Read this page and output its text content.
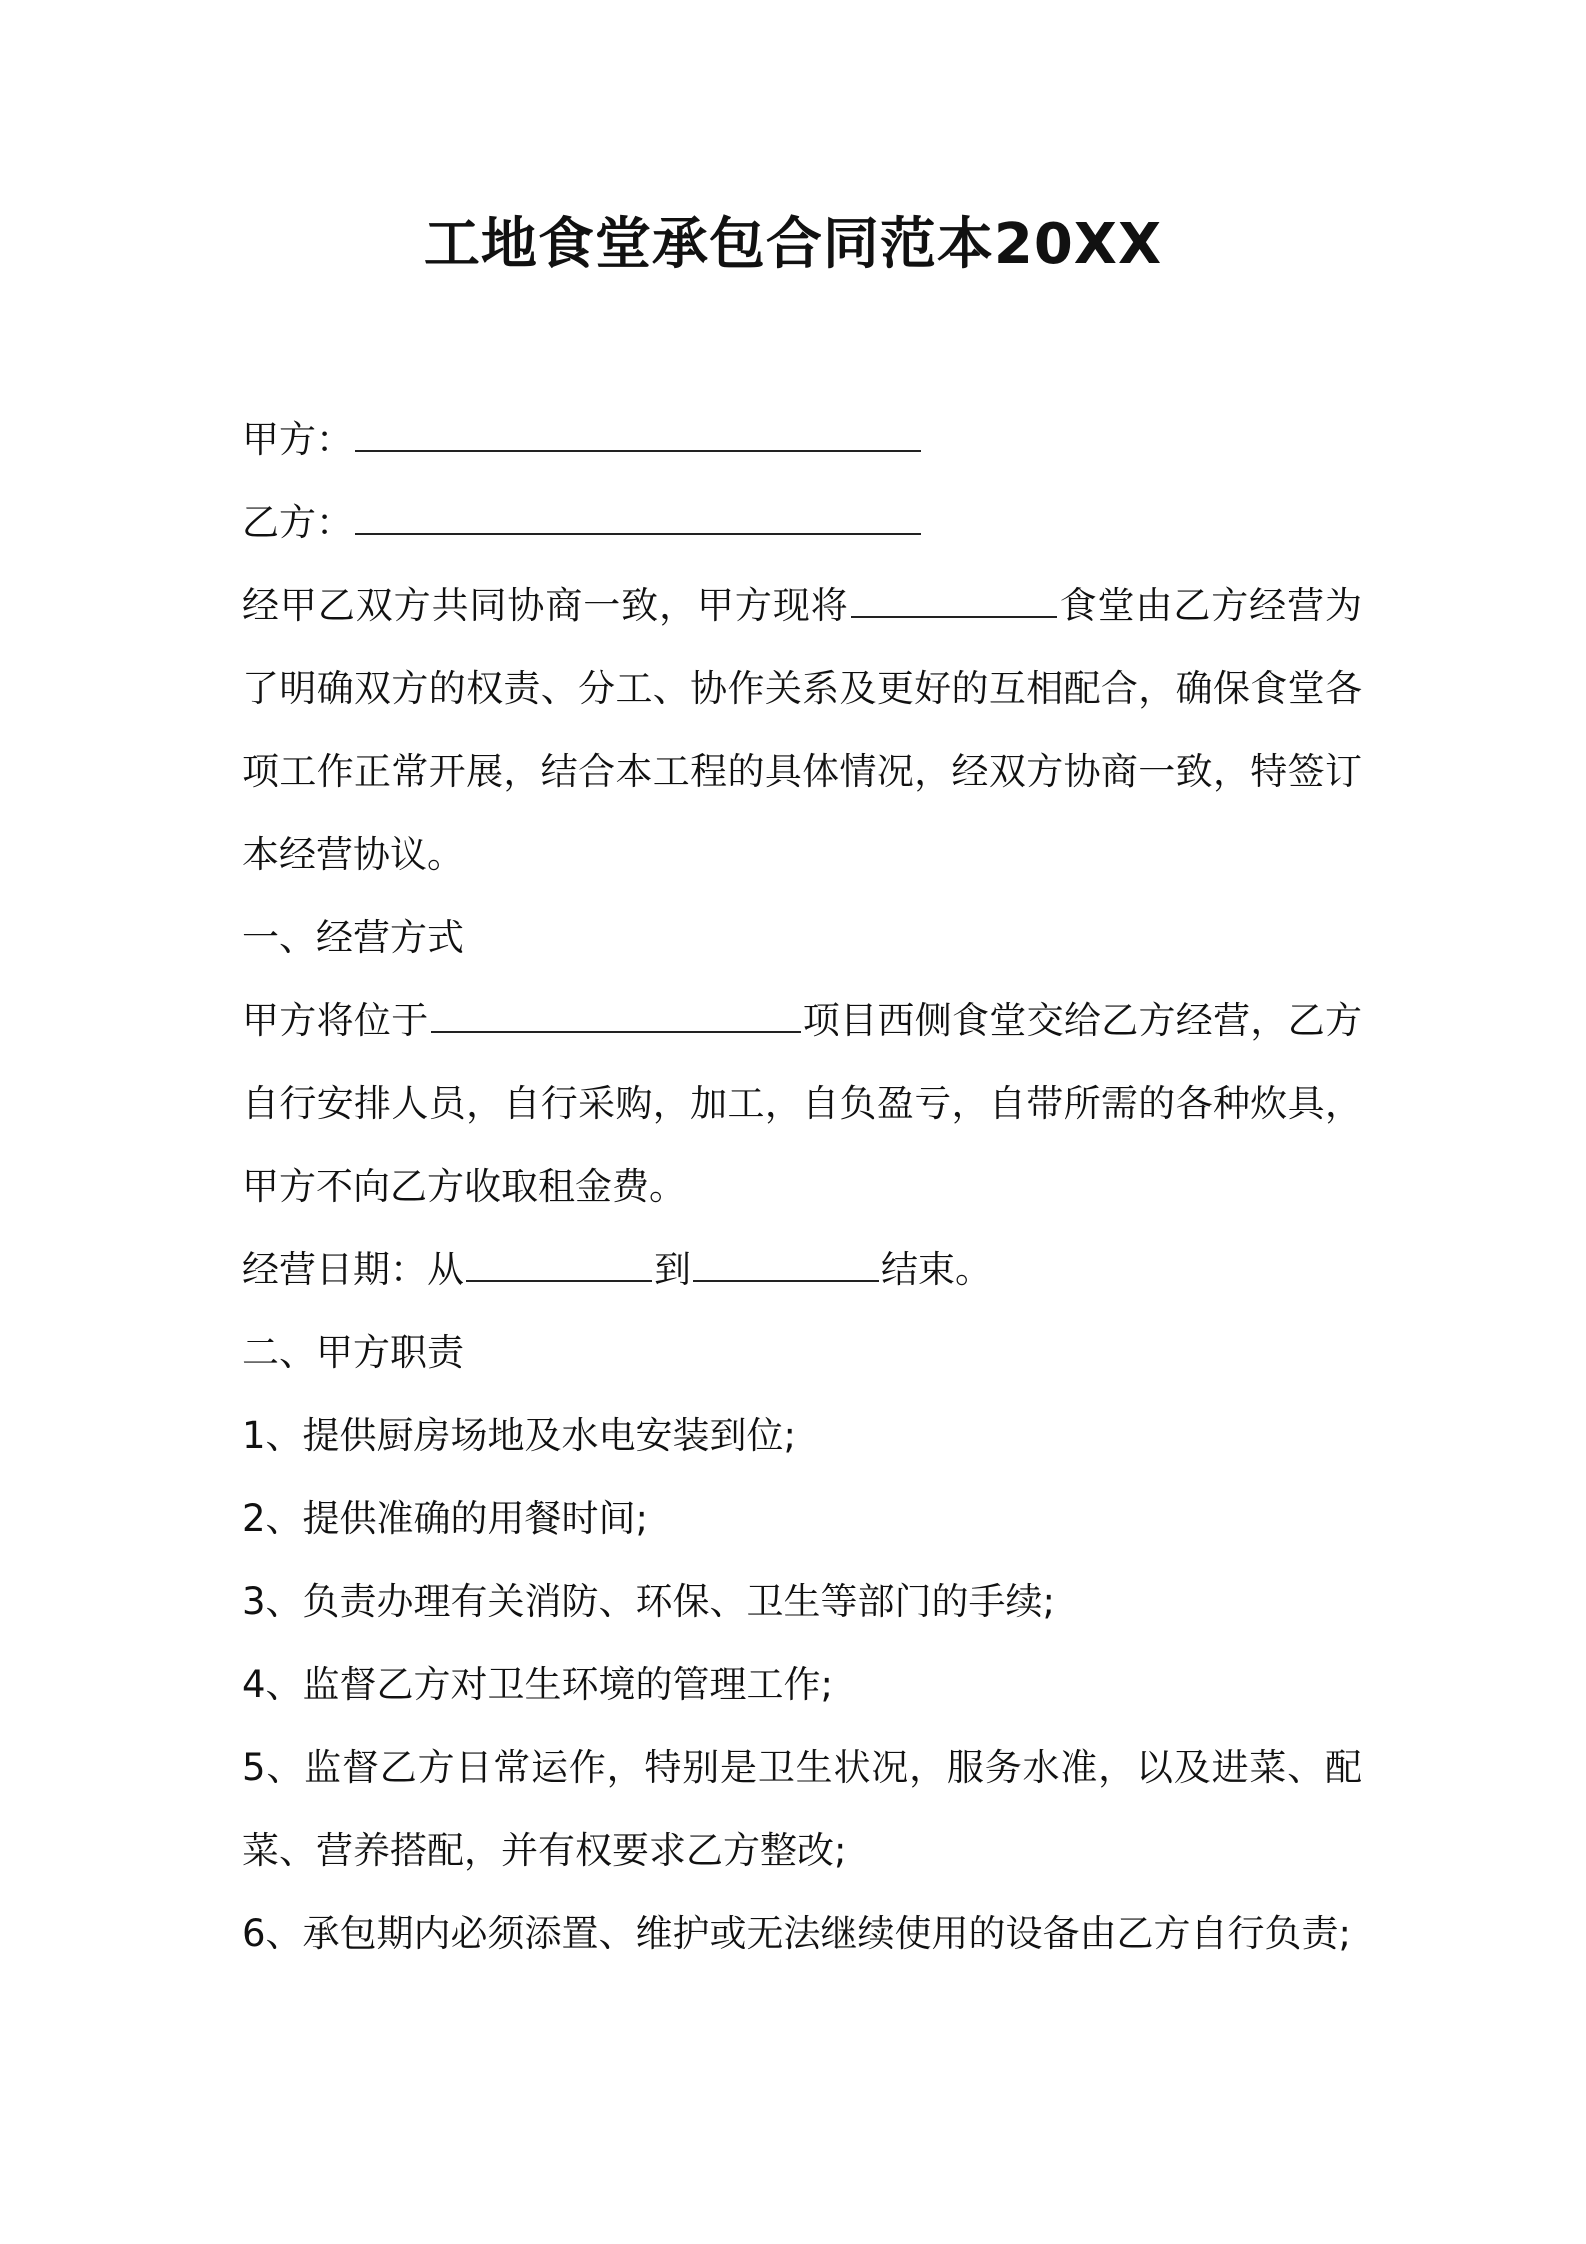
工地食堂承包合同范本20XX

甲方：

乙方：

经甲乙双方共同协商一致，甲方现将	食堂由乙方经营为了明确双方的权责、分工、协作关系及更好的互相配合，确保食堂各项工作正常开展，结合本工程的具体情况，经双方协商一致，特签订本经营协议。

一、经营方式

甲方将位于	项目西侧食堂交给乙方经营，乙方自行安排人员，自行采购，加工，自负盈亏，自带所需的各种炊具，甲方不向乙方收取租金费。

经营日期：从	到	结束。

二、甲方职责

1、提供厨房场地及水电安装到位;

2、提供准确的用餐时间;

3、负责办理有关消防、环保、卫生等部门的手续;

4、监督乙方对卫生环境的管理工作;

5、监督乙方日常运作，特别是卫生状况，服务水准，以及进菜、配菜、营养搭配，并有权要求乙方整改;

6、承包期内必须添置、维护或无法继续使用的设备由乙方自行负责;
